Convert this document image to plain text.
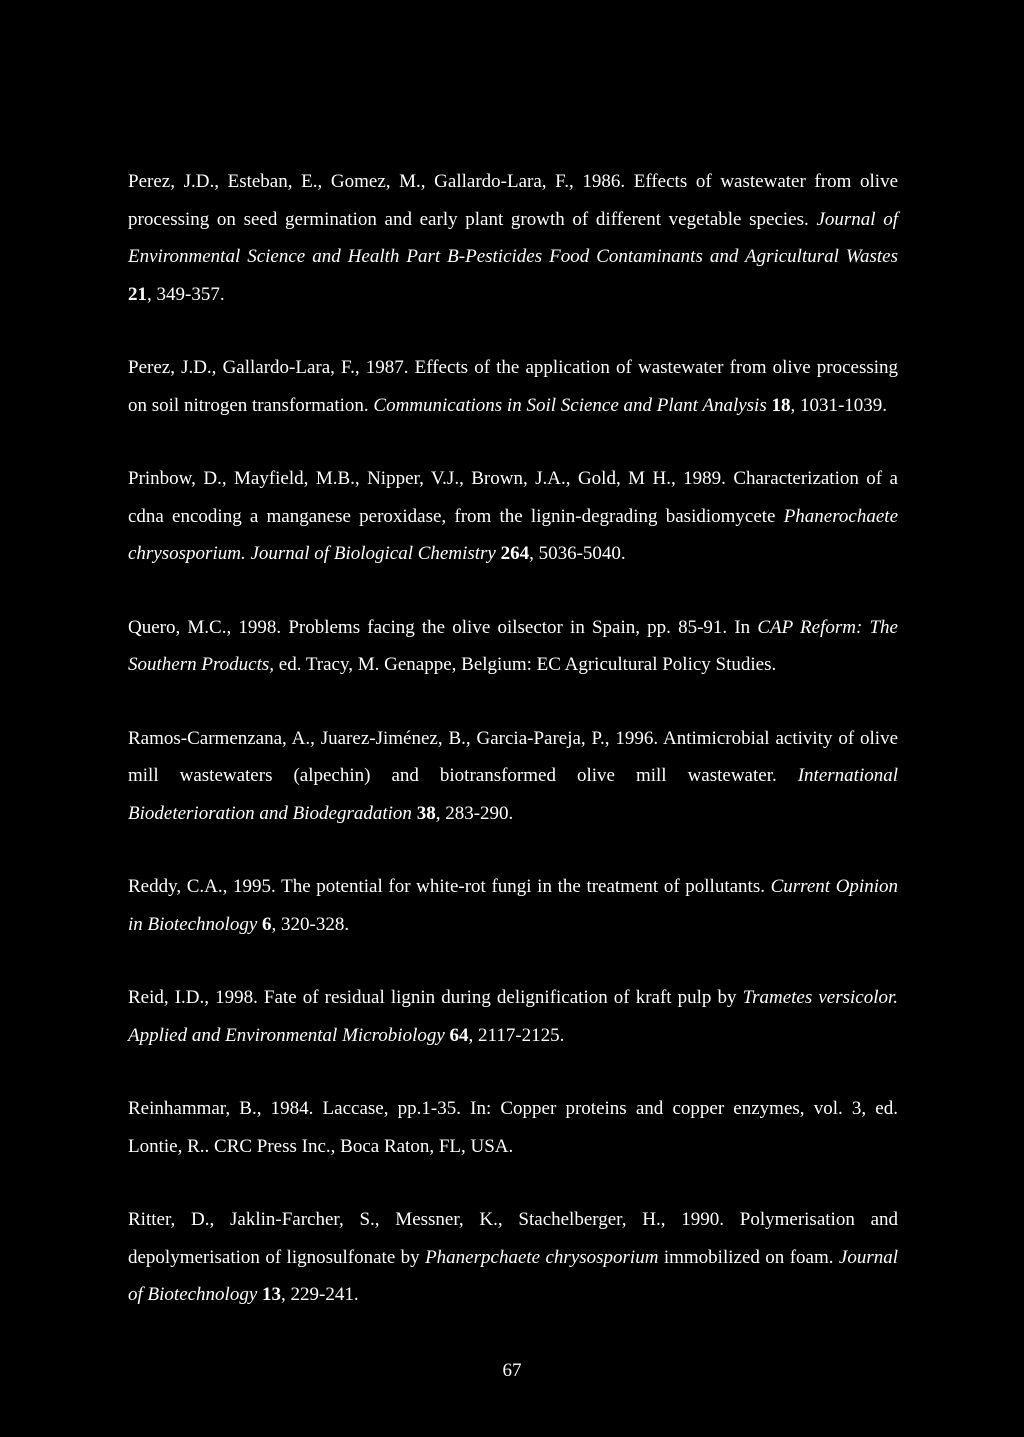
Perez, J.D., Esteban, E., Gomez, M., Gallardo-Lara, F., 1986. Effects of wastewater from olive processing on seed germination and early plant growth of different vegetable species. Journal of Environmental Science and Health Part B-Pesticides Food Contaminants and Agricultural Wastes 21, 349-357.

Perez, J.D., Gallardo-Lara, F., 1987. Effects of the application of wastewater from olive processing on soil nitrogen transformation. Communications in Soil Science and Plant Analysis 18, 1031-1039.

Prinbow, D., Mayfield, M.B., Nipper, V.J., Brown, J.A., Gold, M H., 1989. Characterization of a cdna encoding a manganese peroxidase, from the lignin-degrading basidiomycete Phanerochaete chrysosporium. Journal of Biological Chemistry 264, 5036-5040.

Quero, M.C., 1998. Problems facing the olive oilsector in Spain, pp. 85-91. In CAP Reform: The Southern Products, ed. Tracy, M. Genappe, Belgium: EC Agricultural Policy Studies.

Ramos-Carmenzana, A., Juarez-Jiménez, B., Garcia-Pareja, P., 1996. Antimicrobial activity of olive mill wastewaters (alpechin) and biotransformed olive mill wastewater. International Biodeterioration and Biodegradation 38, 283-290.

Reddy, C.A., 1995. The potential for white-rot fungi in the treatment of pollutants. Current Opinion in Biotechnology 6, 320-328.

Reid, I.D., 1998. Fate of residual lignin during delignification of kraft pulp by Trametes versicolor. Applied and Environmental Microbiology 64, 2117-2125.

Reinhammar, B., 1984. Laccase, pp.1-35. In: Copper proteins and copper enzymes, vol. 3, ed. Lontie, R.. CRC Press Inc., Boca Raton, FL, USA.

Ritter, D., Jaklin-Farcher, S., Messner, K., Stachelberger, H., 1990. Polymerisation and depolymerisation of lignosulfonate by Phanerpchaete chrysosporium immobilized on foam. Journal of Biotechnology 13, 229-241.

67
